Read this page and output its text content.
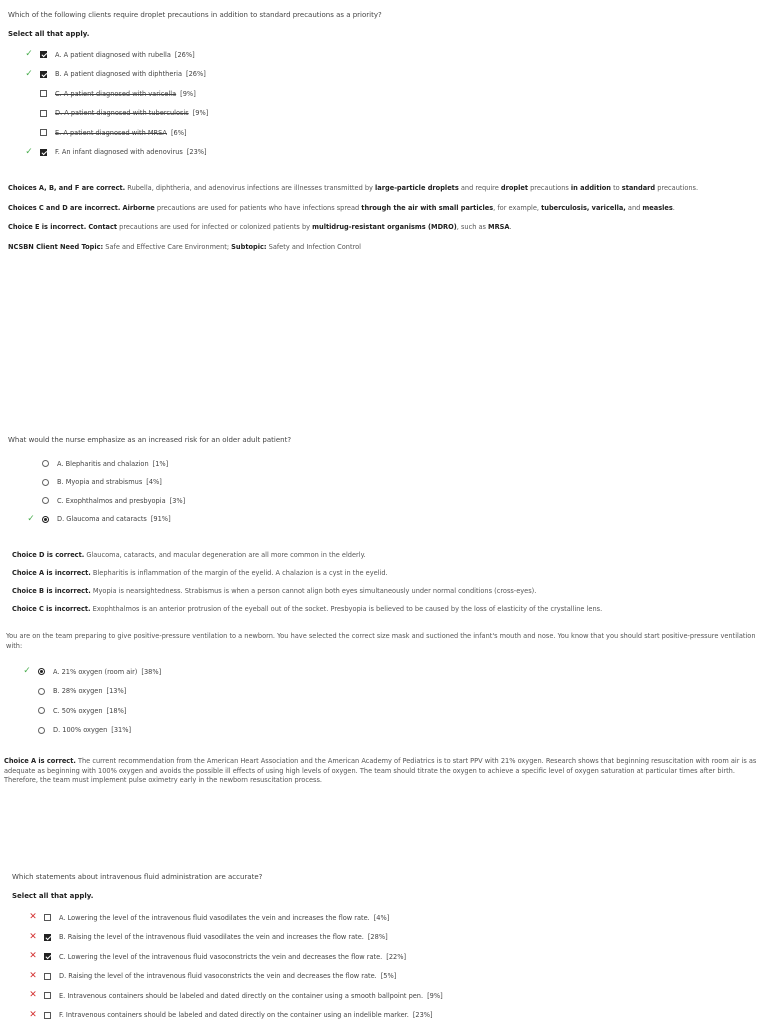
Which of the following clients require droplet precautions in addition to standard precautions as a priority?
Select all that apply.
✓	A. A patient diagnosed with rubella [26%]
✓	B. A patient diagnosed with diphtheria [26%]
C. A patient diagnosed with varicella [9%]
D. A patient diagnosed with tuberculosis [9%]
E. A patient diagnosed with MRSA [6%]
✓	F. An infant diagnosed with adenovirus [23%]
Choices A, B, and F are correct. Rubella, diphtheria, and adenovirus infections are illnesses transmitted by large-particle droplets and require droplet precautions in addition to standard precautions.
Choices C and D are incorrect. Airborne precautions are used for patients who have infections spread through the air with small particles, for example, tuberculosis, varicella, and measles.
Choice E is incorrect. Contact precautions are used for infected or colonized patients by multidrug-resistant organisms (MDRO), such as MRSA.
NCSBN Client Need Topic: Safe and Effective Care Environment; Subtopic: Safety and Infection Control
What would the nurse emphasize as an increased risk for an older adult patient?
A. Blepharitis and chalazion [1%]
B. Myopia and strabismus [4%]
C. Exophthalmos and presbyopia [3%]
✓	D. Glaucoma and cataracts [91%]
Choice D is correct. Glaucoma, cataracts, and macular degeneration are all more common in the elderly.
Choice A is incorrect. Blepharitis is inflammation of the margin of the eyelid. A chalazion is a cyst in the eyelid.
Choice B is incorrect. Myopia is nearsightedness. Strabismus is when a person cannot align both eyes simultaneously under normal conditions (cross-eyes).
Choice C is incorrect. Exophthalmos is an anterior protrusion of the eyeball out of the socket. Presbyopia is believed to be caused by the loss of elasticity of the crystalline lens.
You are on the team preparing to give positive-pressure ventilation to a newborn. You have selected the correct size mask and suctioned the infant's mouth and nose. You know that you should start positive-pressure ventilation with:
✓	A. 21% oxygen (room air) [38%]
B. 28% oxygen [13%]
C. 50% oxygen [18%]
D. 100% oxygen [31%]
Choice A is correct. The current recommendation from the American Heart Association and the American Academy of Pediatrics is to start PPV with 21% oxygen. Research shows that beginning resuscitation with room air is as adequate as beginning with 100% oxygen and avoids the possible ill effects of using high levels of oxygen. The team should titrate the oxygen to achieve a specific level of oxygen saturation at particular times after birth. Therefore, the team must implement pulse oximetry early in the newborn resuscitation process.
Which statements about intravenous fluid administration are accurate?
Select all that apply.
✕	A. Lowering the level of the intravenous fluid vasodilates the vein and increases the flow rate. [4%]
✕	B. Raising the level of the intravenous fluid vasodilates the vein and increases the flow rate. [28%]
✕	C. Lowering the level of the intravenous fluid vasoconstricts the vein and decreases the flow rate. [22%]
✕	D. Raising the level of the intravenous fluid vasoconstricts the vein and decreases the flow rate. [5%]
✕	E. Intravenous containers should be labeled and dated directly on the container using a smooth ballpoint pen. [9%]
✕	F. Intravenous containers should be labeled and dated directly on the container using an indelible marker. [23%]
